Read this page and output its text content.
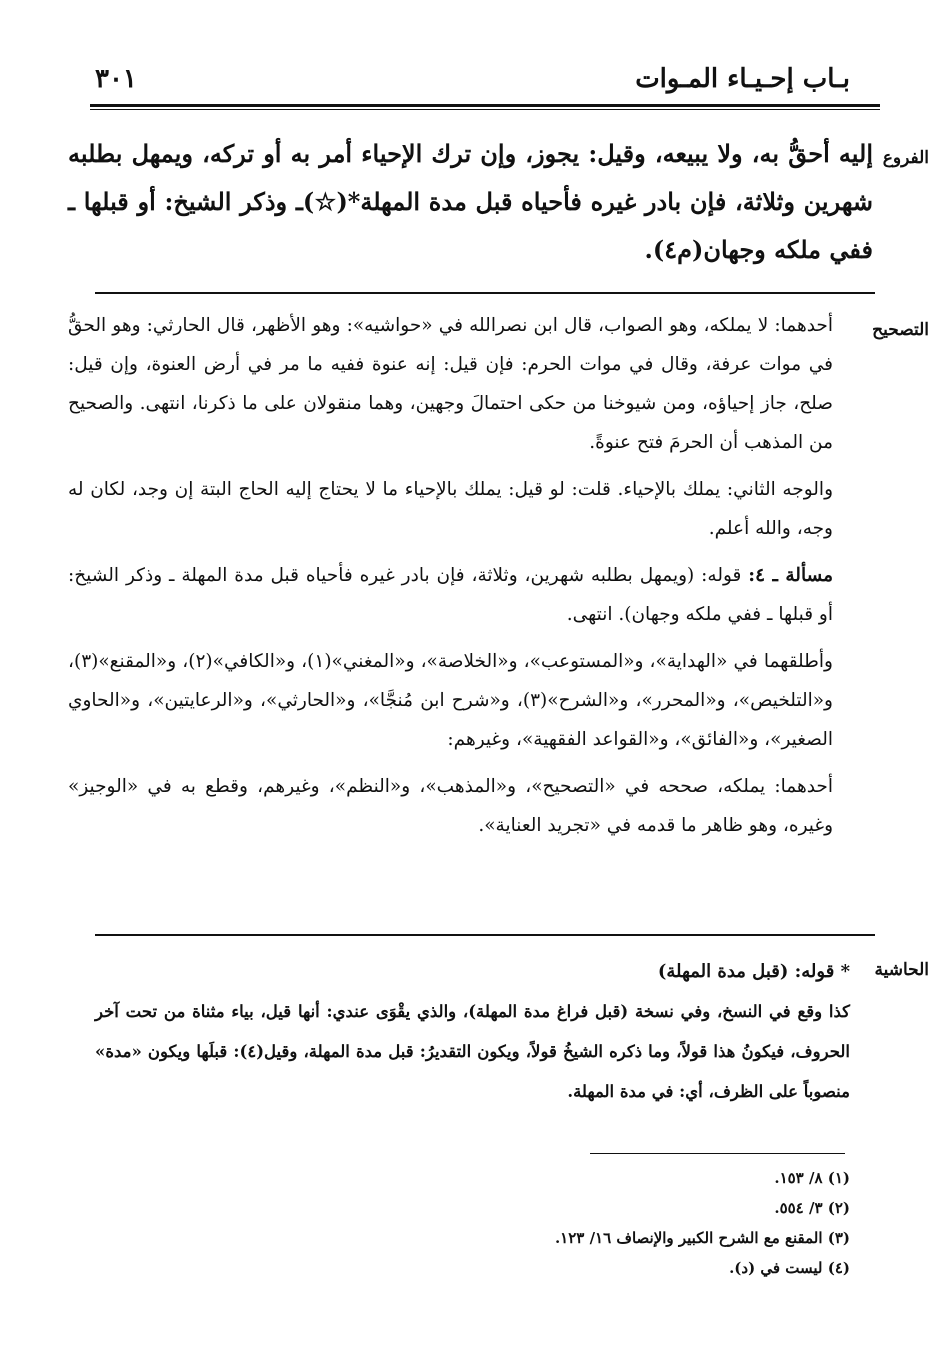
بـاب إحـيـاء المـوات
٣٠١
الفروع
إليه أحقُّ به، ولا يبيعه، وقيل: يجوز، وإن ترك الإحياء أمر به أو تركه، ويمهل بطلبه شهرين وثلاثة، فإن بادر غيره فأحياه قبل مدة المهلة*(☆)ـ وذكر الشيخ: أو قبلها ـ ففي ملكه وجهان(م٤).
التصحيح

أحدهما: لا يملكه، وهو الصواب، قال ابن نصرالله في «حواشيه»: وهو الأظهر، قال الحارثي: وهو الحقُّ في موات عرفة، وقال في موات الحرم: فإن قيل: إنه عنوة ففيه ما مر في أرض العنوة، وإن قيل: صلح، جاز إحياؤه، ومن شيوخنا من حكى احتمالَ وجهين، وهما منقولان على ما ذكرنا، انتهى. والصحيح من المذهب أن الحرمَ فتح عنوةً.

والوجه الثاني: يملك بالإحياء. قلت: لو قيل: يملك بالإحياء ما لا يحتاج إليه الحاج البتة إن وجد، لكان له وجه، والله أعلم.

مسألة ـ ٤: قوله: (ويمهل بطلبه شهرين، وثلاثة، فإن بادر غيره فأحياه قبل مدة المهلة ـ وذكر الشيخ: أو قبلها ـ ففي ملكه وجهان). انتهى.

وأطلقهما في «الهداية»، و«المستوعب»، و«الخلاصة»، و«المغني»(١)، و«الكافي»(٢)، و«المقنع»(٣)، و«التلخيص»، و«المحرر»، و«الشرح»(٣)، و«شرح ابن مُنجَّا»، و«الحارثي»، و«الرعايتين»، و«الحاوي الصغير»، و«الفائق»، و«القواعد الفقهية»، وغيرهم:

أحدهما: يملكه، صححه في «التصحيح»، و«المذهب»، و«النظم»، وغيرهم، وقطع به في «الوجيز» وغيره، وهو ظاهر ما قدمه في «تجريد العناية».

الحاشية
* قوله: (قبل مدة المهلة)
كذا وقع في النسخ، وفي نسخة (قبل فراغ مدة المهلة)، والذي يقْوَى عندي: أنها قيل، بياء مثناة من تحت آخر الحروف، فيكونُ هذا قولاً، وما ذكره الشيخُ قولاً، ويكون التقديرُ: قبل مدة المهلة، وقيل(٤): قبلَها ويكون «مدة» منصوباً على الظرف، أي: في مدة المهلة.
(١) ٨/ ١٥٣.
(٢) ٣/ ٥٥٤.
(٣) المقنع مع الشرح الكبير والإنصاف ١٦/ ١٢٣.
(٤) ليست في (د).
